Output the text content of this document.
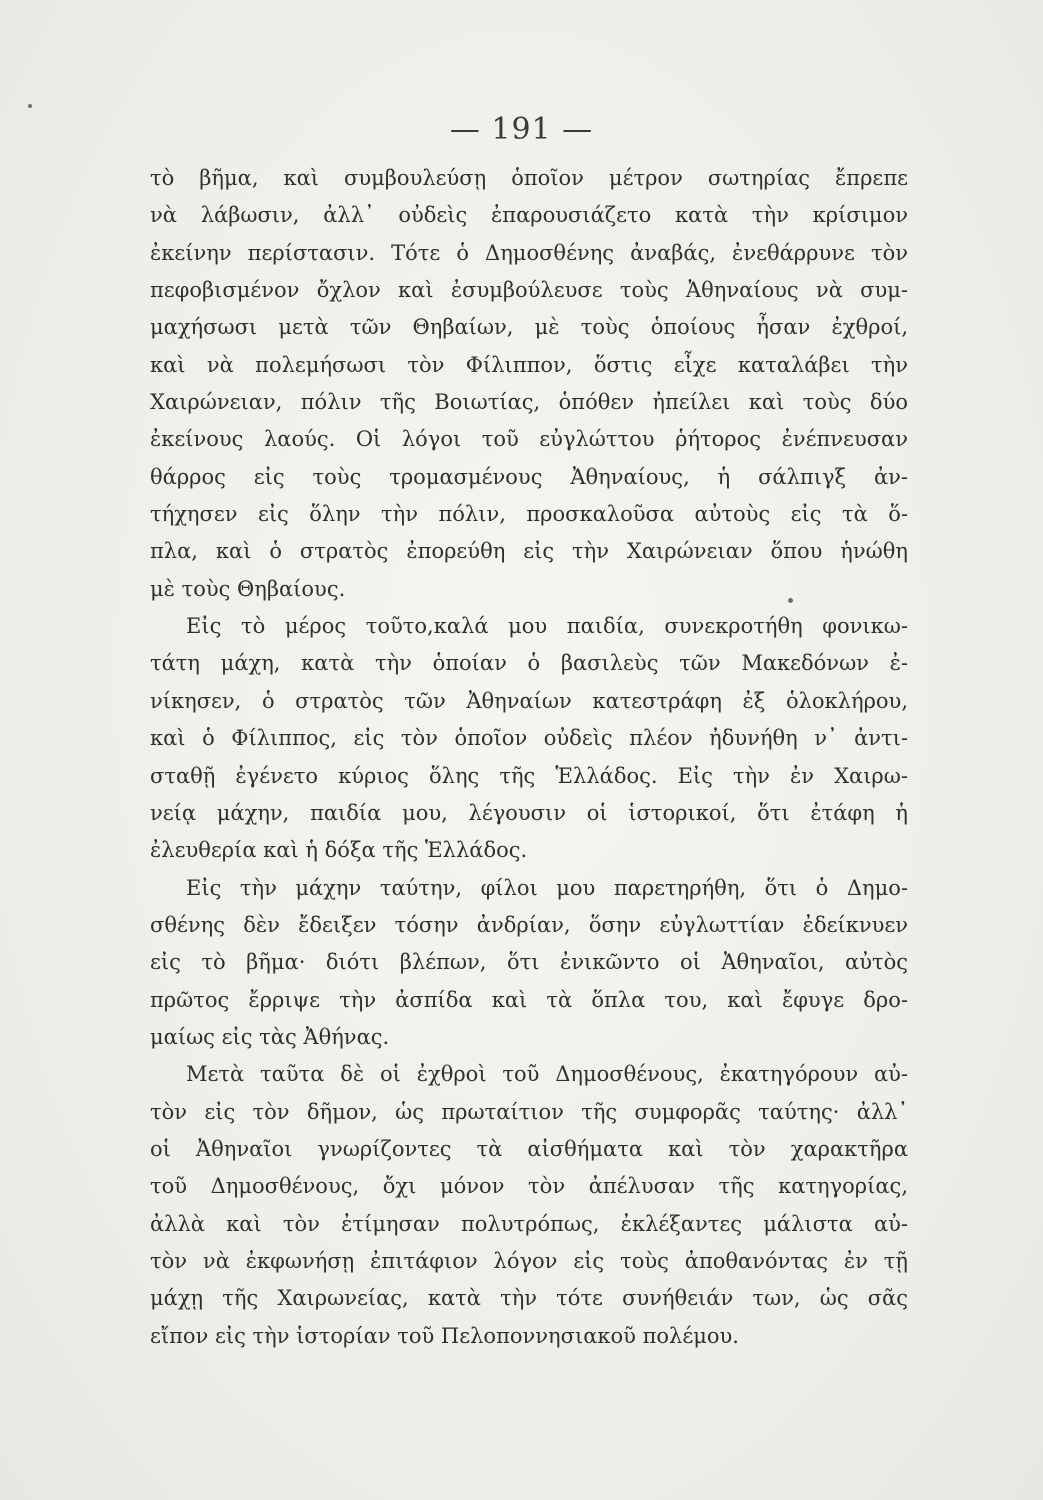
— 191 —
τὸ βῆμα, καὶ συμβουλεύσῃ ὁποῖον μέτρον σωτηρίας ἔπρεπε
νὰ λάβωσιν, ἀλλ᾽ οὐδεὶς ἐπαρουσιάζετο κατὰ τὴν κρίσιμον
ἐκείνην περίστασιν. Τότε ὁ Δημοσθένης ἀναβάς, ἐνεθάρρυνε τὸν
πεφοβισμένον ὄχλον καὶ ἐσυμβούλευσε τοὺς Ἀθηναίους νὰ συμ-
μαχήσωσι μετὰ τῶν Θηβαίων, μὲ τοὺς ὁποίους ἦσαν ἐχθροί,
καὶ νὰ πολεμήσωσι τὸν Φίλιππον, ὅστις εἶχε καταλάβει τὴν
Χαιρώνειαν, πόλιν τῆς Βοιωτίας, ὁπόθεν ἠπείλει καὶ τοὺς δύο
ἐκείνους λαούς. Οἱ λόγοι τοῦ εὐγλώττου ῥήτορος ἐνέπνευσαν
θάρρος εἰς τοὺς τρομασμένους Ἀθηναίους, ἡ σάλπιγξ ἀν-
τήχησεν εἰς ὅλην τὴν πόλιν, προσκαλοῦσα αὐτοὺς εἰς τὰ ὅ-
πλα, καὶ ὁ στρατὸς ἐπορεύθη εἰς τὴν Χαιρώνειαν ὅπου ἡνώθη
μὲ τοὺς Θηβαίους.
Εἰς τὸ μέρος τοῦτο,καλά μου παιδία, συνεκροτήθη φονικω-
τάτη μάχη, κατὰ τὴν ὁποίαν ὁ βασιλεὺς τῶν Μακεδόνων ἐ-
νίκησεν, ὁ στρατὸς τῶν Ἀθηναίων κατεστράφη ἐξ ὁλοκλήρου,
καὶ ὁ Φίλιππος, εἰς τὸν ὁποῖον οὐδεὶς πλέον ἠδυνήθη ν᾽ ἀντι-
σταθῇ ἐγένετο κύριος ὅλης τῆς Ἑλλάδος. Εἰς τὴν ἐν Χαιρω-
νείᾳ μάχην, παιδία μου, λέγουσιν οἱ ἱστορικοί, ὅτι ἐτάφη ἡ
ἐλευθερία καὶ ἡ δόξα τῆς Ἑλλάδος.
Εἰς τὴν μάχην ταύτην, φίλοι μου παρετηρήθη, ὅτι ὁ Δημο-
σθένης δὲν ἔδειξεν τόσην ἀνδρίαν, ὅσην εὐγλωττίαν ἐδείκνυεν
εἰς τὸ βῆμα· διότι βλέπων, ὅτι ἐνικῶντο οἱ Ἀθηναῖοι, αὐτὸς
πρῶτος ἔρριψε τὴν ἀσπίδα καὶ τὰ ὅπλα του, καὶ ἔφυγε δρο-
μαίως εἰς τὰς Ἀθήνας.
Μετὰ ταῦτα δὲ οἱ ἐχθροὶ τοῦ Δημοσθένους, ἐκατηγόρουν αὐ-
τὸν εἰς τὸν δῆμον, ὡς πρωταίτιον τῆς συμφορᾶς ταύτης· ἀλλ᾽
οἱ Ἀθηναῖοι γνωρίζοντες τὰ αἰσθήματα καὶ τὸν χαρακτῆρα
τοῦ Δημοσθένους, ὄχι μόνον τὸν ἀπέλυσαν τῆς κατηγορίας,
ἀλλὰ καὶ τὸν ἐτίμησαν πολυτρόπως, ἐκλέξαντες μάλιστα αὐ-
τὸν νὰ ἐκφωνήσῃ ἐπιτάφιον λόγον εἰς τοὺς ἀποθανόντας ἐν τῇ
μάχῃ τῆς Χαιρωνείας, κατὰ τὴν τότε συνήθειάν των, ὡς σᾶς
εἴπον εἰς τὴν ἱστορίαν τοῦ Πελοποννησιακοῦ πολέμου.
